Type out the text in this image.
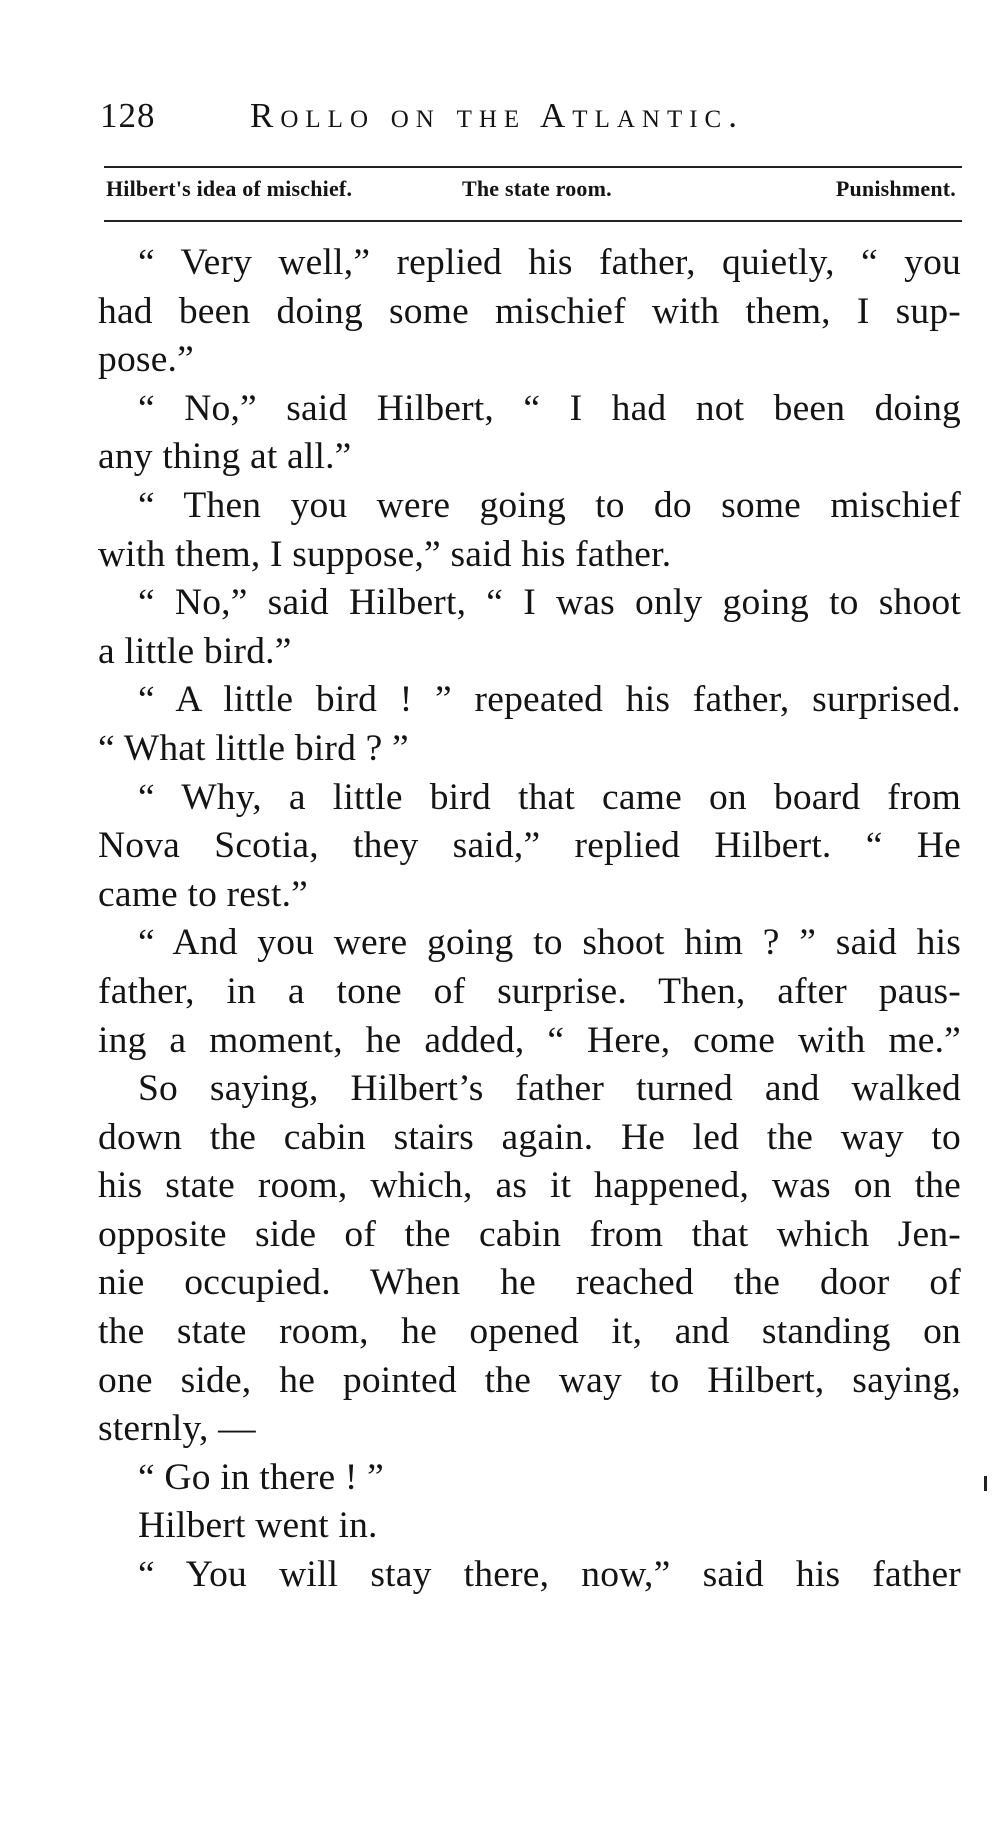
128	Rollo on the Atlantic.
Hilbert's idea of mischief.	The state room.	Punishment.
“ Very well,” replied his father, quietly, “ you
had been doing some mischief with them, I sup-
pose.”
“ No,” said Hilbert, “ I had not been doing
any thing at all.”
“ Then you were going to do some mischief
with them, I suppose,” said his father.
“ No,” said Hilbert, “ I was only going to shoot
a little bird.”
“ A little bird ! ” repeated his father, surprised.
“ What little bird ? ”
“ Why, a little bird that came on board from
Nova Scotia, they said,” replied Hilbert. “ He
came to rest.”
“ And you were going to shoot him ? ” said his
father, in a tone of surprise. Then, after paus-
ing a moment, he added, “ Here, come with me.”
So saying, Hilbert’s father turned and walked
down the cabin stairs again. He led the way to
his state room, which, as it happened, was on the
opposite side of the cabin from that which Jen-
nie occupied. When he reached the door of
the state room, he opened it, and standing on
one side, he pointed the way to Hilbert, saying,
sternly, —
“ Go in there ! ”
Hilbert went in.
“ You will stay there, now,” said his father
